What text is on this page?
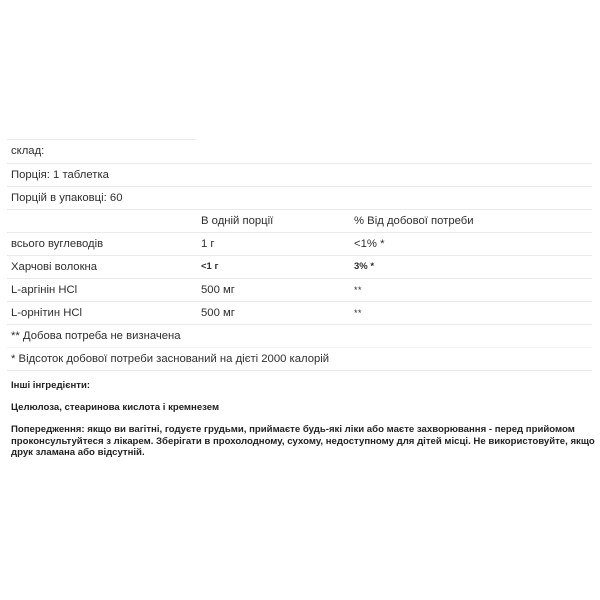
склад:		
Порція: 1 таблетка		
Порцій в упаковці: 60		
	В одній порції	% Від добової потреби
всього вуглеводів	1 г	<1% *
Харчові волокна	<1 г	3% *
L-аргінін HCl	500 мг	**
L-орнітин HCl	500 мг	**
** Добова потреба не визначена		
* Відсоток добової потреби заснований на дієті 2000 калорій		
Інші інгредієнти:
Целюлоза, стеаринова кислота і кремнезем
Попередження: якщо ви вагітні, годуєте грудьми, приймаєте будь-які ліки або маєте захворювання - перед прийомом проконсультуйтеся з лікарем. Зберігати в прохолодному, сухому, недоступному для дітей місці. Не використовуйте, якщо друк зламана або відсутній.
